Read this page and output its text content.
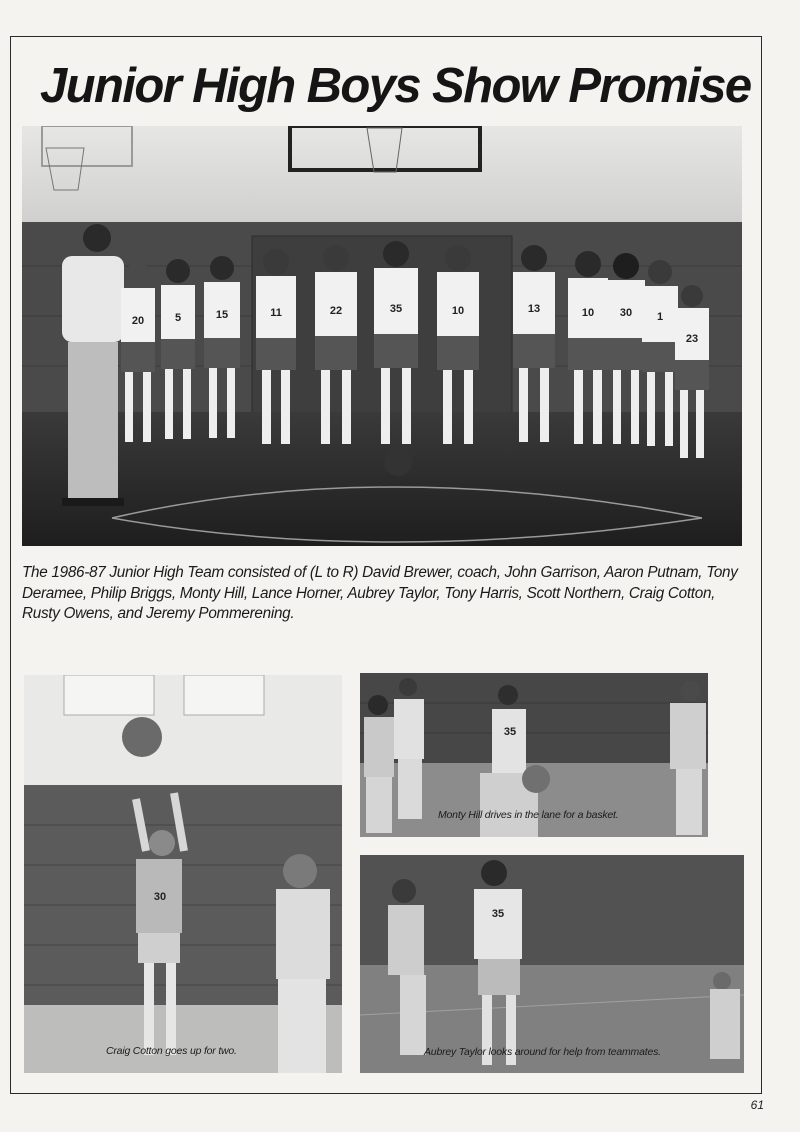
Junior High Boys Show Promise
20	5	15	11	22	35	10	13	10 30 1
23
The 1986-87 Junior High Team consisted of (L to R) David Brewer, coach, John Garrison, Aaron Putnam, Tony Deramee, Philip Briggs, Monty Hill, Lance Horner, Aubrey Taylor, Tony Harris, Scott Northern, Craig Cotton, Rusty Owens, and Jeremy Pommerening.
30
Craig Cotton goes up for two.
35
Monty Hill drives in the lane for a basket.
35
Aubrey Taylor looks around for help from teammates.
61
